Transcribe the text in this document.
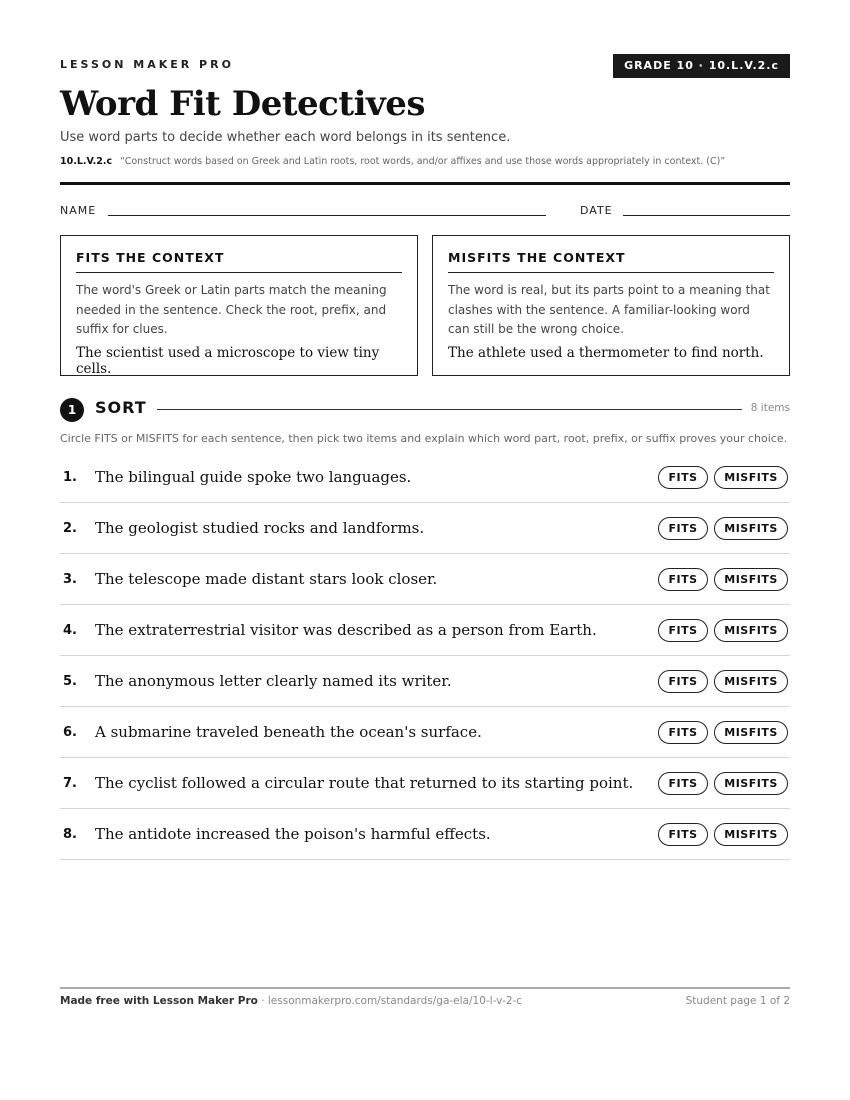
LESSON MAKER PRO	GRADE 10 · 10.L.V.2.c
Word Fit Detectives
Use word parts to decide whether each word belongs in its sentence.
10.L.V.2.c “Construct words based on Greek and Latin roots, root words, and/or affixes and use those words appropriately in context. (C)”
NAME	DATE
FITS THE CONTEXT
The word's Greek or Latin parts match the meaning needed in the sentence. Check the root, prefix, and suffix for clues.
The scientist used a microscope to view tiny cells.
MISFITS THE CONTEXT
The word is real, but its parts point to a meaning that clashes with the sentence. A familiar-looking word can still be the wrong choice.
The athlete used a thermometer to find north.
1	SORT	8 items
Circle FITS or MISFITS for each sentence, then pick two items and explain which word part, root, prefix, or suffix proves your choice.
1. The bilingual guide spoke two languages.	FITS	MISFITS
2. The geologist studied rocks and landforms.	FITS	MISFITS
3. The telescope made distant stars look closer.	FITS	MISFITS
4. The extraterrestrial visitor was described as a person from Earth.	FITS	MISFITS
5. The anonymous letter clearly named its writer.	FITS	MISFITS
6. A submarine traveled beneath the ocean's surface.	FITS	MISFITS
7. The cyclist followed a circular route that returned to its starting point.	FITS	MISFITS
8. The antidote increased the poison's harmful effects.	FITS	MISFITS
Made free with Lesson Maker Pro · lessonmakerpro.com/standards/ga-ela/10-l-v-2-c	Student page 1 of 2
